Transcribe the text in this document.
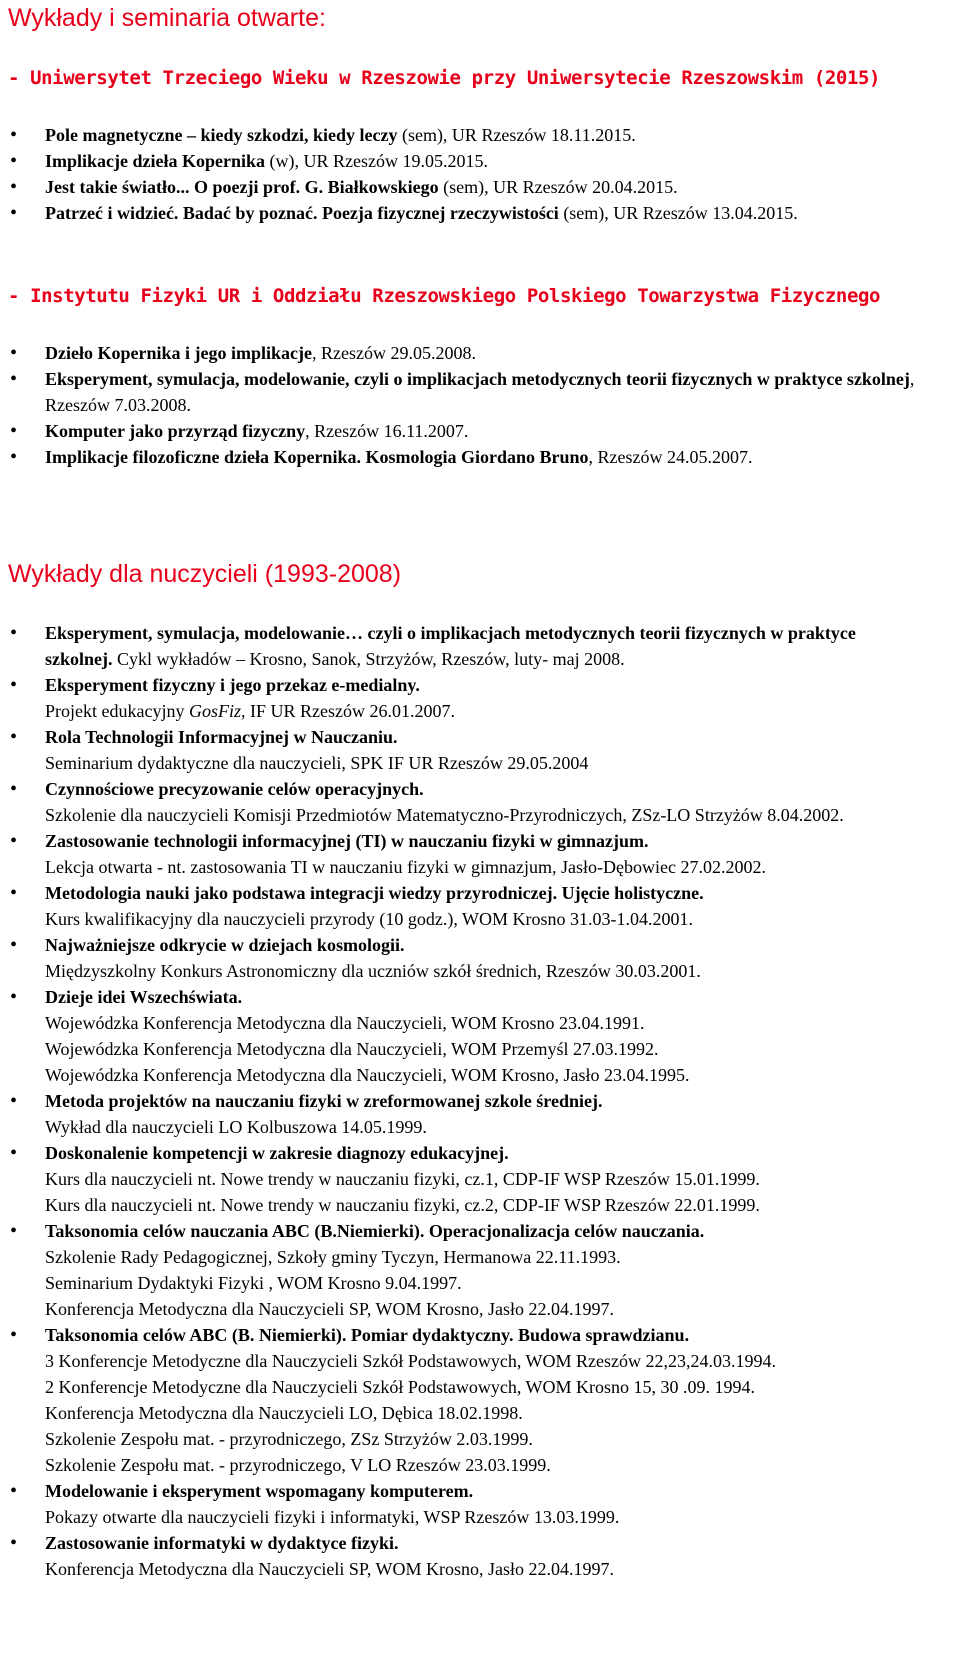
Wykłady i seminaria otwarte:
- Uniwersytet Trzeciego Wieku w Rzeszowie przy Uniwersytecie Rzeszowskim (2015)
• Pole magnetyczne – kiedy szkodzi, kiedy leczy (sem), UR Rzeszów 18.11.2015.
• Implikacje dzieła Kopernika (w), UR Rzeszów 19.05.2015.
• Jest takie światło... O poezji prof. G. Białkowskiego (sem), UR Rzeszów 20.04.2015.
• Patrzeć i widzieć. Badać by poznać. Poezja fizycznej rzeczywistości (sem), UR Rzeszów 13.04.2015.
- Instytutu Fizyki UR i Oddziału Rzeszowskiego Polskiego Towarzystwa Fizycznego
• Dzieło Kopernika i jego implikacje, Rzeszów 29.05.2008.
• Eksperyment, symulacja, modelowanie, czyli o implikacjach metodycznych teorii fizycznych w praktyce szkolnej, Rzeszów 7.03.2008.
• Komputer jako przyrząd fizyczny, Rzeszów 16.11.2007.
• Implikacje filozoficzne dzieła Kopernika. Kosmologia Giordano Bruno, Rzeszów 24.05.2007.
Wykłady dla nuczycieli (1993-2008)
• Eksperyment, symulacja, modelowanie… czyli o implikacjach metodycznych teorii fizycznych w praktyce szkolnej. Cykl wykładów – Krosno, Sanok, Strzyżów, Rzeszów, luty- maj 2008.
• Eksperyment fizyczny i jego przekaz e-medialny.
Projekt edukacyjny GosFiz, IF UR Rzeszów 26.01.2007.
• Rola Technologii Informacyjnej w Nauczaniu.
Seminarium dydaktyczne dla nauczycieli, SPK IF UR Rzeszów 29.05.2004
• Czynnościowe precyzowanie celów operacyjnych.
Szkolenie dla nauczycieli Komisji Przedmiotów Matematyczno-Przyrodniczych, ZSz-LO Strzyżów 8.04.2002.
• Zastosowanie technologii informacyjnej (TI) w nauczaniu fizyki w gimnazjum.
Lekcja otwarta - nt. zastosowania TI w nauczaniu fizyki w gimnazjum, Jasło-Dębowiec 27.02.2002.
• Metodologia nauki jako podstawa integracji wiedzy przyrodniczej. Ujęcie holistyczne.
Kurs kwalifikacyjny dla nauczycieli przyrody (10 godz.), WOM Krosno 31.03-1.04.2001.
• Najważniejsze odkrycie w dziejach kosmologii.
Międzyszkolny Konkurs Astronomiczny dla uczniów szkół średnich, Rzeszów 30.03.2001.
• Dzieje idei Wszechświata.
Wojewódzka Konferencja Metodyczna dla Nauczycieli, WOM Krosno 23.04.1991.
Wojewódzka Konferencja Metodyczna dla Nauczycieli, WOM Przemyśl 27.03.1992.
Wojewódzka Konferencja Metodyczna dla Nauczycieli, WOM Krosno, Jasło 23.04.1995.
• Metoda projektów na nauczaniu fizyki w zreformowanej szkole średniej.
Wykład dla nauczycieli LO Kolbuszowa 14.05.1999.
• Doskonalenie kompetencji w zakresie diagnozy edukacyjnej.
Kurs dla nauczycieli nt. Nowe trendy w nauczaniu fizyki, cz.1, CDP-IF WSP Rzeszów 15.01.1999.
Kurs dla nauczycieli nt. Nowe trendy w nauczaniu fizyki, cz.2, CDP-IF WSP Rzeszów 22.01.1999.
• Taksonomia celów nauczania ABC (B.Niemierki). Operacjonalizacja celów nauczania.
Szkolenie Rady Pedagogicznej, Szkoły gminy Tyczyn, Hermanowa 22.11.1993.
Seminarium Dydaktyki Fizyki , WOM Krosno 9.04.1997.
Konferencja Metodyczna dla Nauczycieli SP, WOM Krosno, Jasło 22.04.1997.
• Taksonomia celów ABC (B. Niemierki). Pomiar dydaktyczny. Budowa sprawdzianu.
3 Konferencje Metodyczne dla Nauczycieli Szkół Podstawowych, WOM Rzeszów 22,23,24.03.1994.
2 Konferencje Metodyczne dla Nauczycieli Szkół Podstawowych, WOM Krosno 15, 30 .09. 1994.
Konferencja Metodyczna dla Nauczycieli LO, Dębica 18.02.1998.
Szkolenie Zespołu mat. - przyrodniczego, ZSz Strzyżów 2.03.1999.
Szkolenie Zespołu mat. - przyrodniczego, V LO Rzeszów 23.03.1999.
• Modelowanie i eksperyment wspomagany komputerem.
Pokazy otwarte dla nauczycieli fizyki i informatyki, WSP Rzeszów 13.03.1999.
• Zastosowanie informatyki w dydaktyce fizyki.
Konferencja Metodyczna dla Nauczycieli SP, WOM Krosno, Jasło 22.04.1997.
